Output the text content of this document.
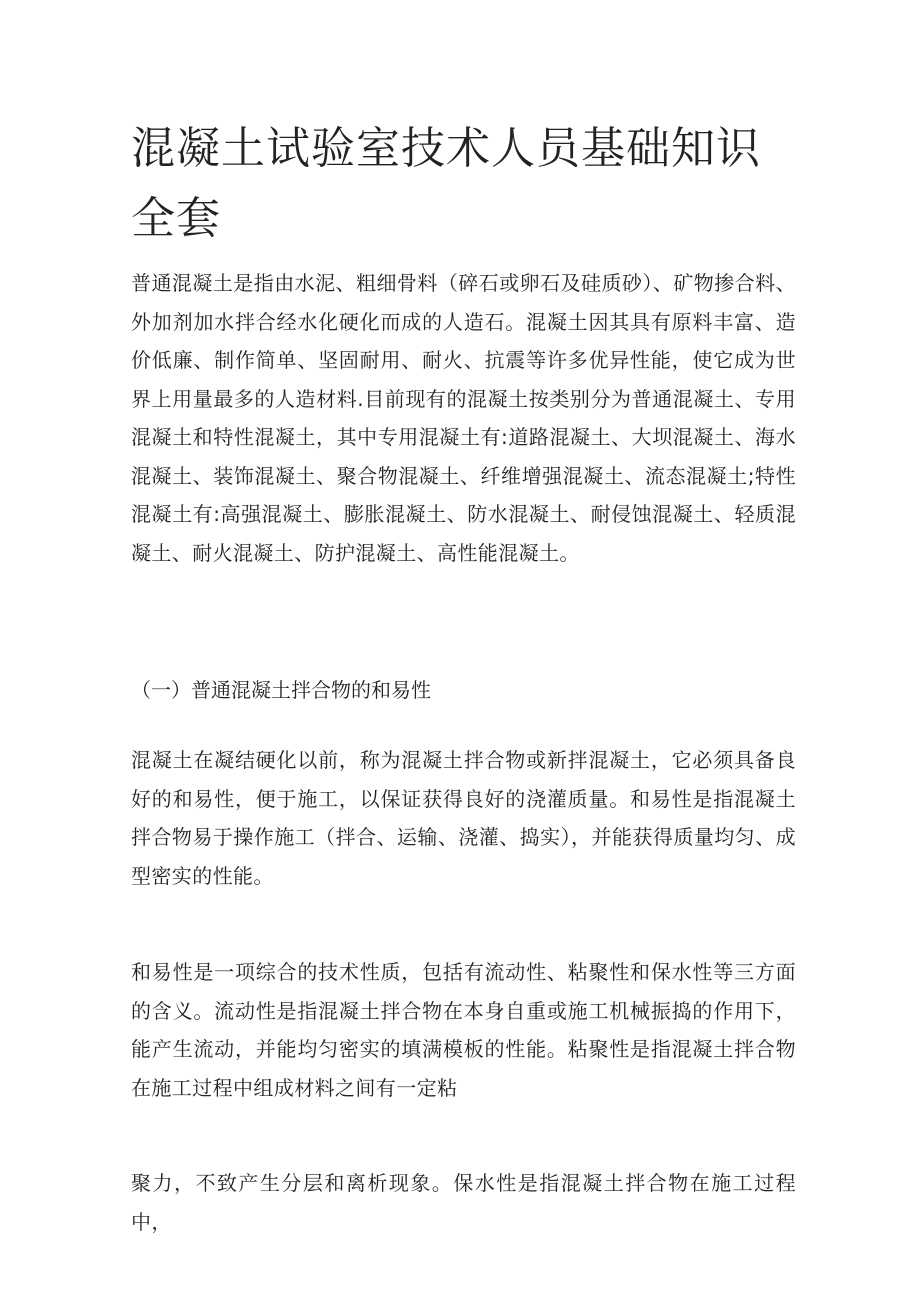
混凝土试验室技术人员基础知识全套

普通混凝土是指由水泥、粗细骨料（碎石或卵石及硅质砂）、矿物掺合料、外加剂加水拌合经水化硬化而成的人造石。混凝土因其具有原料丰富、造价低廉、制作简单、坚固耐用、耐火、抗震等许多优异性能，使它成为世界上用量最多的人造材料.目前现有的混凝土按类别分为普通混凝土、专用混凝土和特性混凝土，其中专用混凝土有:道路混凝土、大坝混凝土、海水混凝土、装饰混凝土、聚合物混凝土、纤维增强混凝土、流态混凝土;特性混凝土有:高强混凝土、膨胀混凝土、防水混凝土、耐侵蚀混凝土、轻质混凝土、耐火混凝土、防护混凝土、高性能混凝土。

（一）普通混凝土拌合物的和易性

混凝土在凝结硬化以前，称为混凝土拌合物或新拌混凝土，它必须具备良好的和易性，便于施工，以保证获得良好的浇灌质量。和易性是指混凝土拌合物易于操作施工（拌合、运输、浇灌、捣实），并能获得质量均匀、成型密实的性能。

和易性是一项综合的技术性质，包括有流动性、粘聚性和保水性等三方面的含义。流动性是指混凝土拌合物在本身自重或施工机械振捣的作用下，能产生流动，并能均匀密实的填满模板的性能。粘聚性是指混凝土拌合物在施工过程中组成材料之间有一定粘

聚力，不致产生分层和离析现象。保水性是指混凝土拌合物在施工过程中，
